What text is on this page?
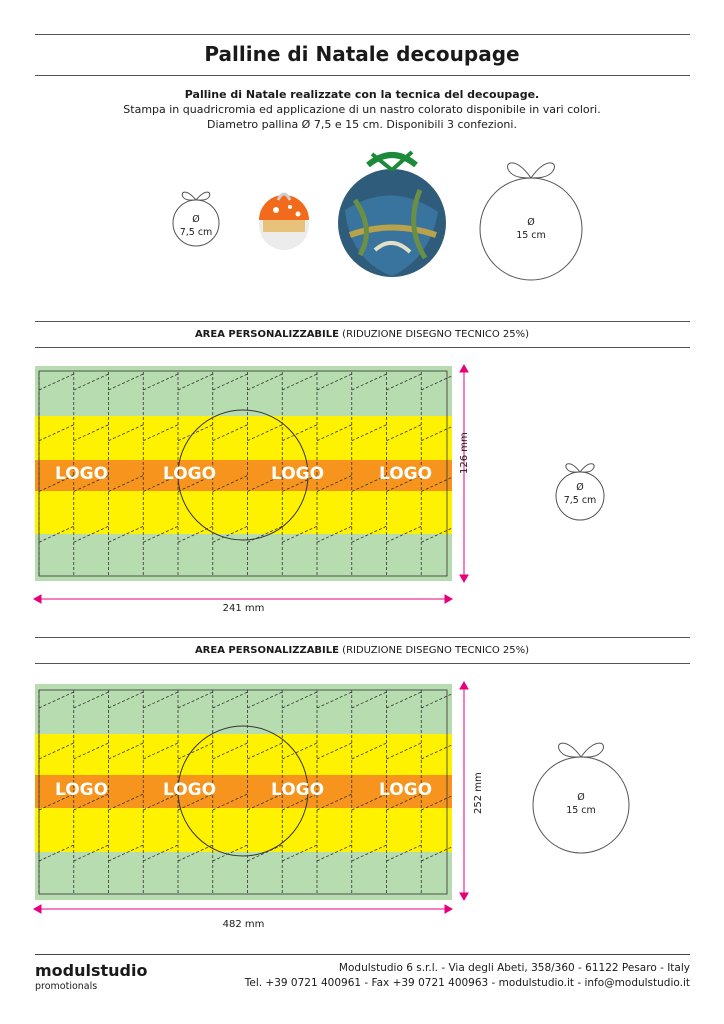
Palline di Natale decoupage
Palline di Natale realizzate con la tecnica del decoupage.
Stampa in quadricromia ed applicazione di un nastro colorato disponibile in vari colori.
Diametro pallina Ø 7,5 e 15 cm. Disponibili 3 confezioni.
Ø
7,5 cm
Ø
15 cm
AREA PERSONALIZZABILE (RIDUZIONE DISEGNO TECNICO 25%)
LOGO	LOGO	LOGO	LOGO	126 mm
241 mm
Ø
7,5 cm
AREA PERSONALIZZABILE (RIDUZIONE DISEGNO TECNICO 25%)
LOGO	LOGO	LOGO	LOGO	252 mm
482 mm
Ø
15 cm
modulstudio
promotionals
Modulstudio 6 s.r.l. - Via degli Abeti, 358/360 - 61122 Pesaro - Italy
Tel. +39 0721 400961 - Fax +39 0721 400963 - modulstudio.it - info@modulstudio.it
